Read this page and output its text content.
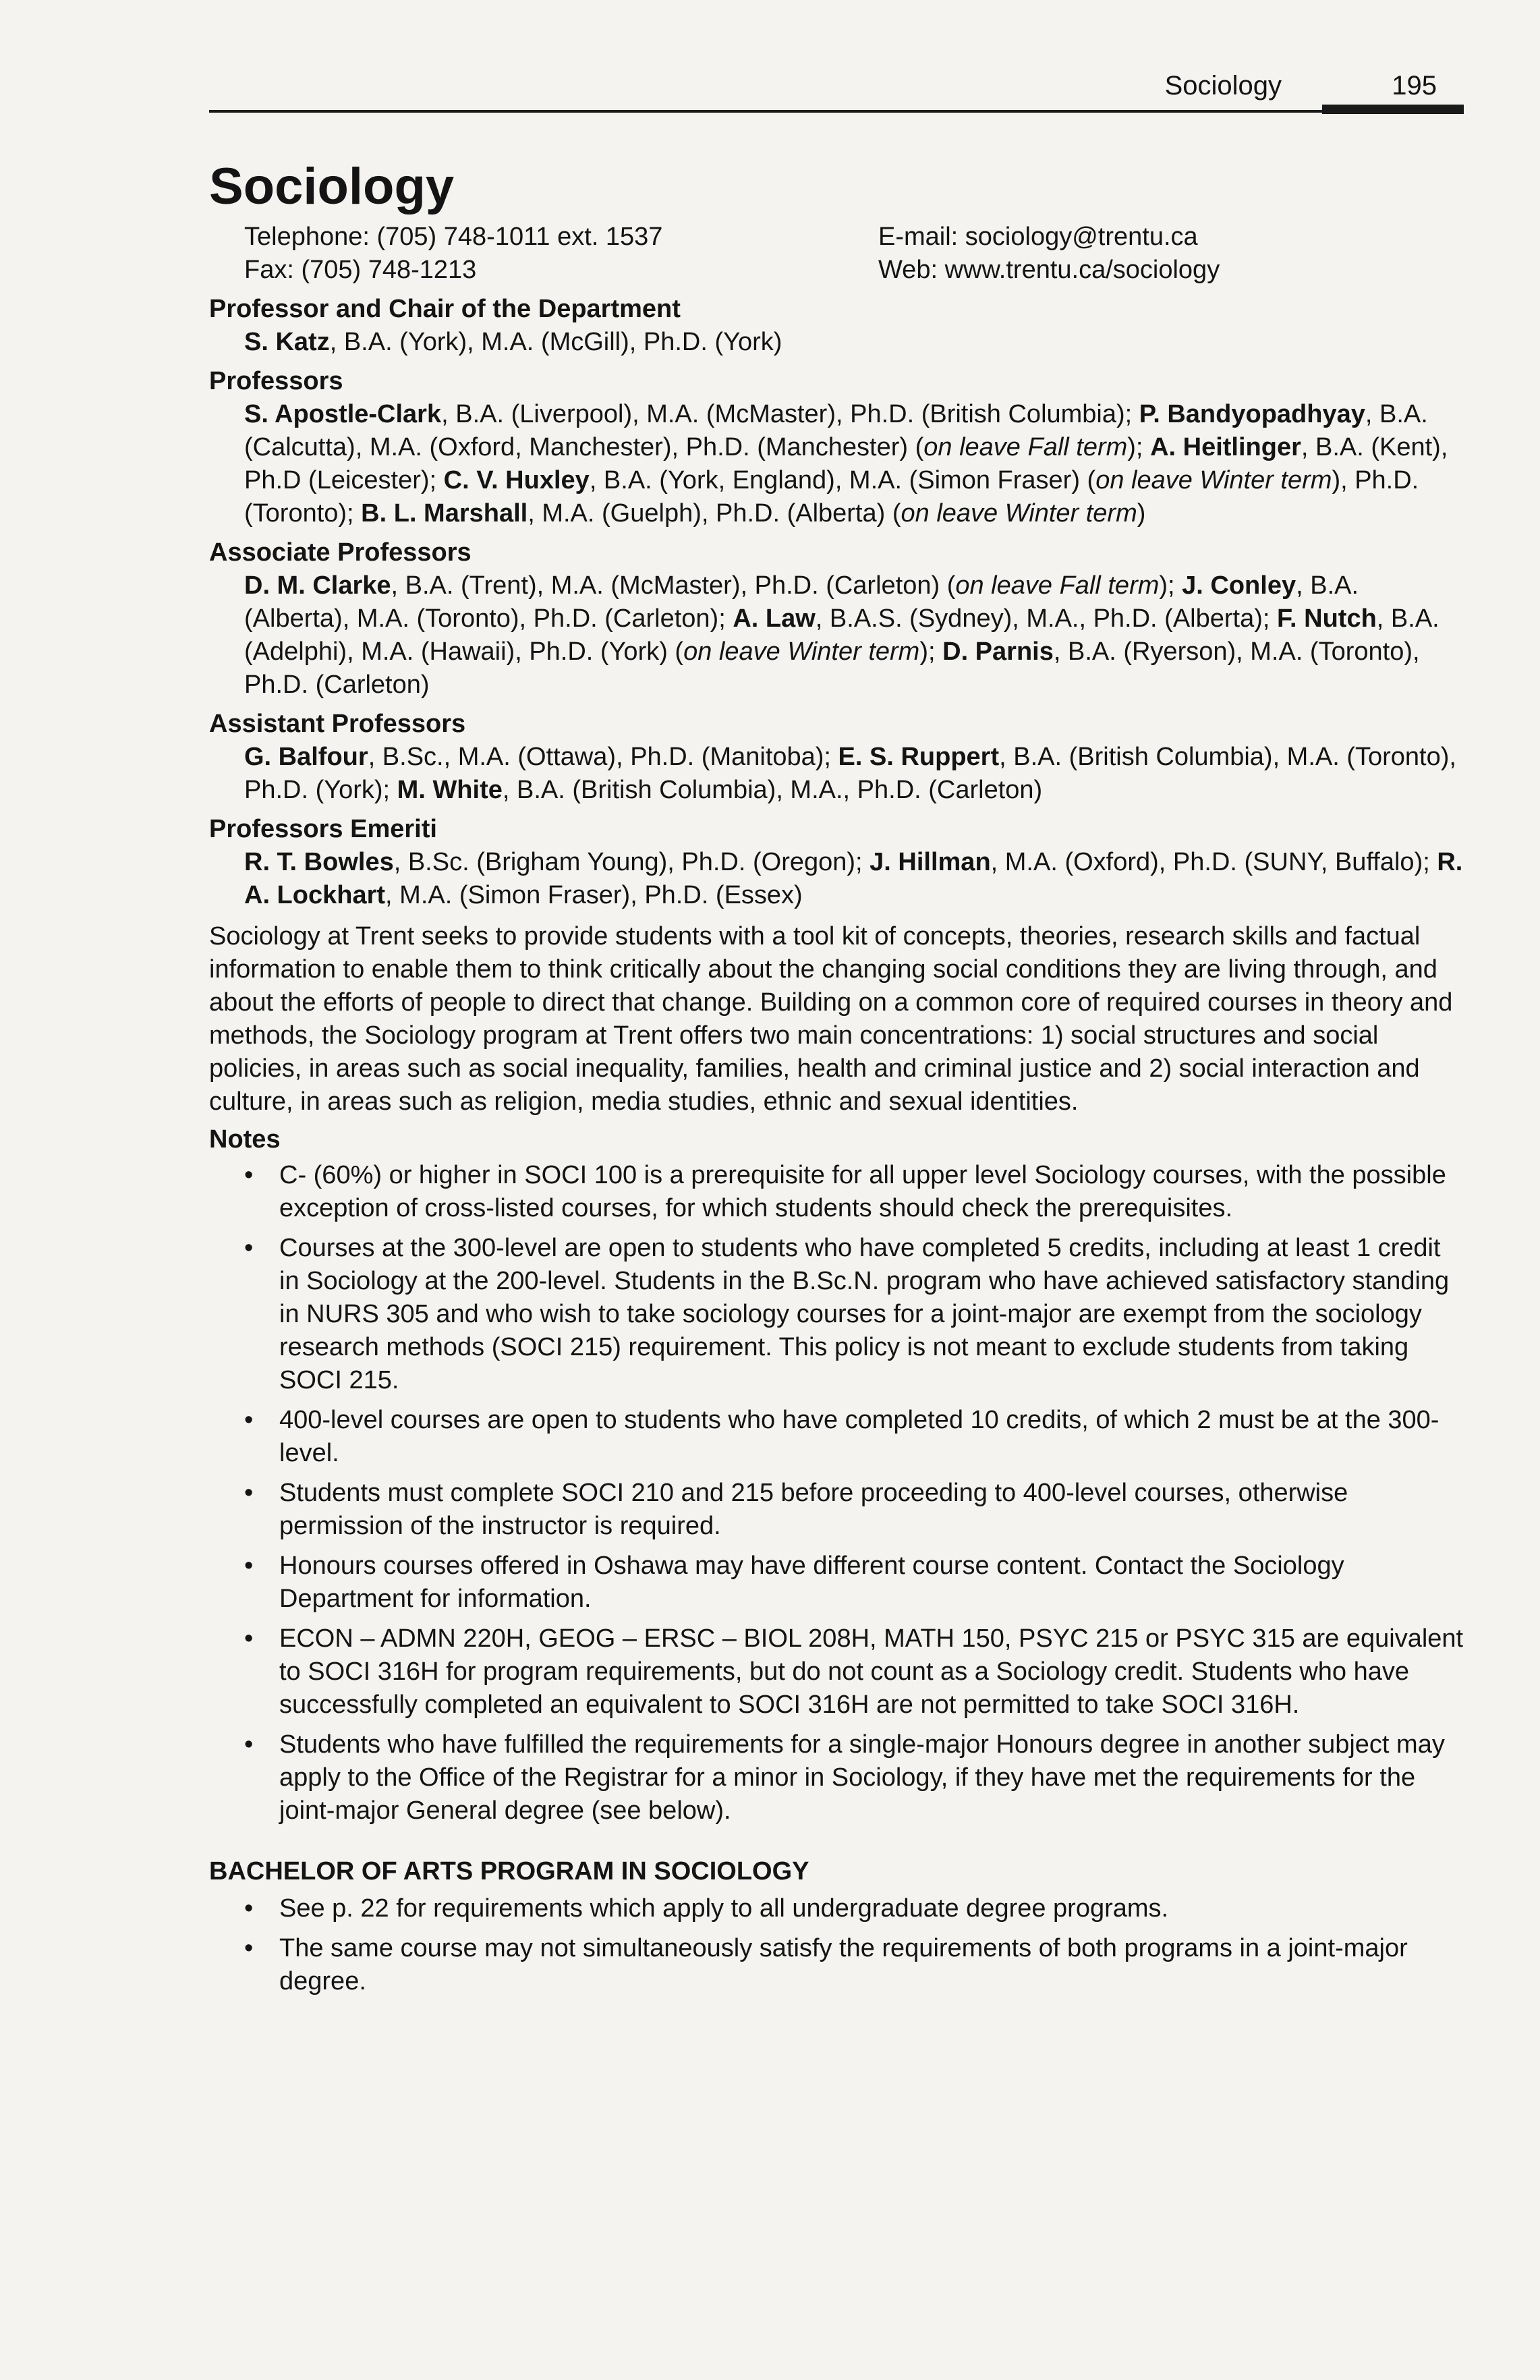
Sociology	195
Sociology
Telephone: (705) 748-1011 ext. 1537
Fax: (705) 748-1213
E-mail: sociology@trentu.ca
Web: www.trentu.ca/sociology
Professor and Chair of the Department

S. Katz, B.A. (York), M.A. (McGill), Ph.D. (York)

Professors

S. Apostle-Clark, B.A. (Liverpool), M.A. (McMaster), Ph.D. (British Columbia); P. Bandyopadhyay, B.A. (Calcutta), M.A. (Oxford, Manchester), Ph.D. (Manchester) (on leave Fall term); A. Heitlinger, B.A. (Kent), Ph.D (Leicester); C. V. Huxley, B.A. (York, England), M.A. (Simon Fraser) (on leave Winter term), Ph.D. (Toronto); B. L. Marshall, M.A. (Guelph), Ph.D. (Alberta) (on leave Winter term)

Associate Professors

D. M. Clarke, B.A. (Trent), M.A. (McMaster), Ph.D. (Carleton) (on leave Fall term); J. Conley, B.A. (Alberta), M.A. (Toronto), Ph.D. (Carleton); A. Law, B.A.S. (Sydney), M.A., Ph.D. (Alberta); F. Nutch, B.A. (Adelphi), M.A. (Hawaii), Ph.D. (York) (on leave Winter term); D. Parnis, B.A. (Ryerson), M.A. (Toronto), Ph.D. (Carleton)

Assistant Professors

G. Balfour, B.Sc., M.A. (Ottawa), Ph.D. (Manitoba); E. S. Ruppert, B.A. (British Columbia), M.A. (Toronto), Ph.D. (York); M. White, B.A. (British Columbia), M.A., Ph.D. (Carleton)

Professors Emeriti

R. T. Bowles, B.Sc. (Brigham Young), Ph.D. (Oregon); J. Hillman, M.A. (Oxford), Ph.D. (SUNY, Buffalo); R. A. Lockhart, M.A. (Simon Fraser), Ph.D. (Essex)

Sociology at Trent seeks to provide students with a tool kit of concepts, theories, research skills and factual information to enable them to think critically about the changing social conditions they are living through, and about the efforts of people to direct that change. Building on a common core of required courses in theory and methods, the Sociology program at Trent offers two main concentrations: 1) social structures and social policies, in areas such as social inequality, families, health and criminal justice and 2) social interaction and culture, in areas such as religion, media studies, ethnic and sexual identities.

Notes
• C- (60%) or higher in SOCI 100 is a prerequisite for all upper level Sociology courses, with the possible exception of cross-listed courses, for which students should check the prerequisites.
• Courses at the 300-level are open to students who have completed 5 credits, including at least 1 credit in Sociology at the 200-level. Students in the B.Sc.N. program who have achieved satisfactory standing in NURS 305 and who wish to take sociology courses for a joint-major are exempt from the sociology research methods (SOCI 215) requirement. This policy is not meant to exclude students from taking SOCI 215.
• 400-level courses are open to students who have completed 10 credits, of which 2 must be at the 300-level.
• Students must complete SOCI 210 and 215 before proceeding to 400-level courses, otherwise permission of the instructor is required.
• Honours courses offered in Oshawa may have different course content. Contact the Sociology Department for information.
• ECON – ADMN 220H, GEOG – ERSC – BIOL 208H, MATH 150, PSYC 215 or PSYC 315 are equivalent to SOCI 316H for program requirements, but do not count as a Sociology credit. Students who have successfully completed an equivalent to SOCI 316H are not permitted to take SOCI 316H.
• Students who have fulfilled the requirements for a single-major Honours degree in another subject may apply to the Office of the Registrar for a minor in Sociology, if they have met the requirements for the joint-major General degree (see below).
BACHELOR OF ARTS PROGRAM IN SOCIOLOGY
• See p. 22 for requirements which apply to all undergraduate degree programs.
• The same course may not simultaneously satisfy the requirements of both programs in a joint-major degree.
